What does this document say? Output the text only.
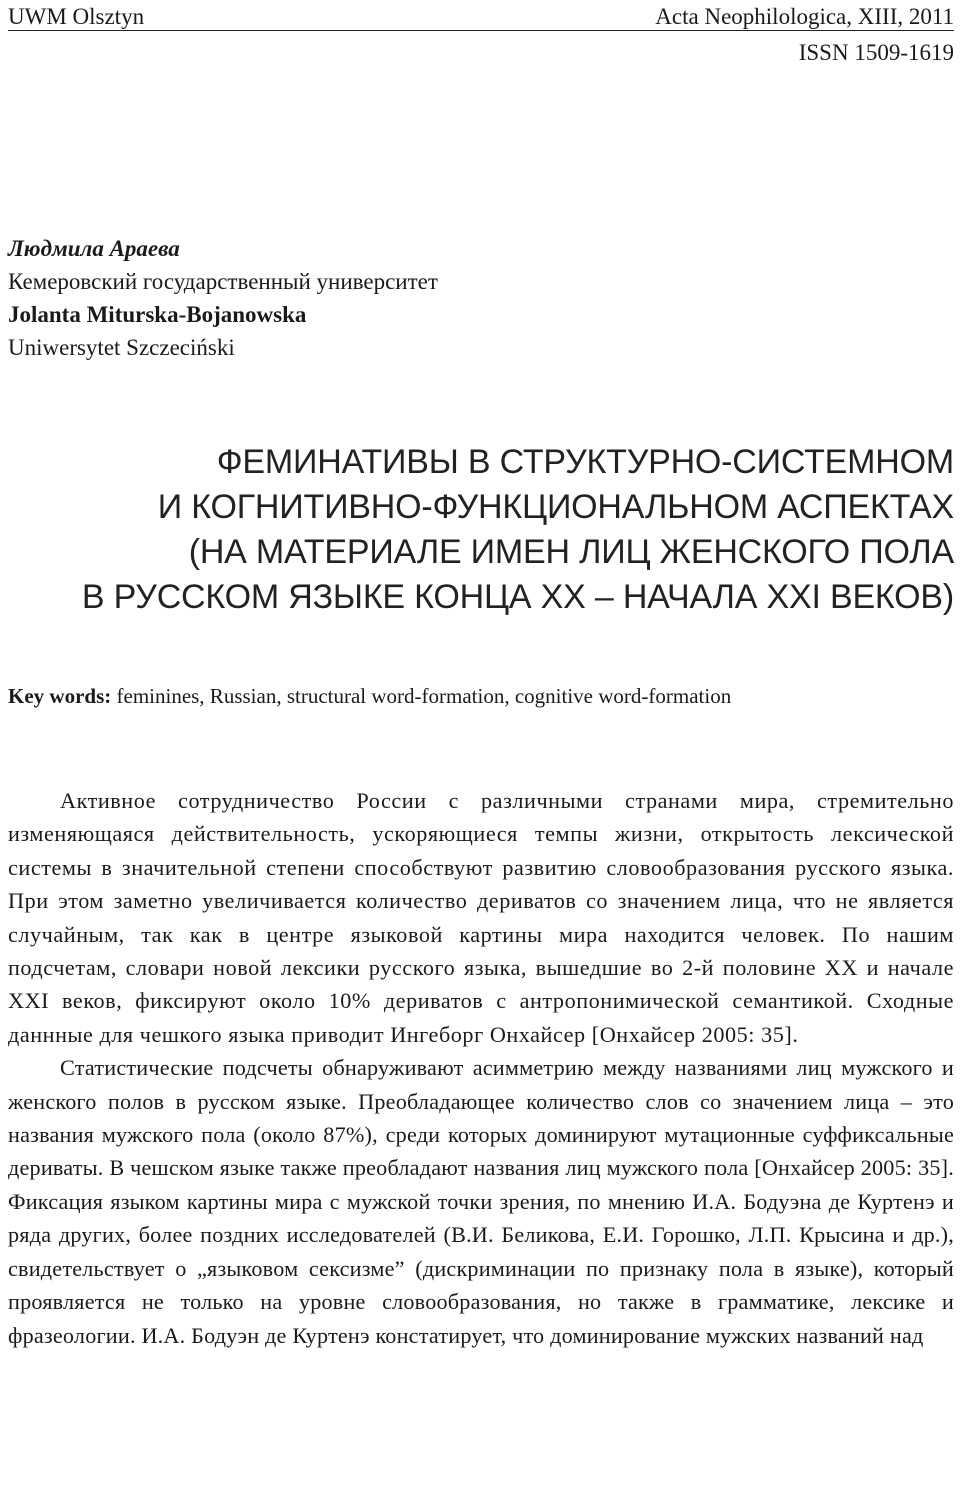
UWM Olsztyn	Acta Neophilologica, XIII, 2011
ISSN 1509-1619
Людмила Араева
Кемеровский государственный университет
Jolanta Miturska-Bojanowska
Uniwersytet Szczeciński
ФЕМИНАТИВЫ В СТРУКТУРНО-СИСТЕМНОМ
И КОГНИТИВНО-ФУНКЦИОНАЛЬНОМ АСПЕКТАХ
(НА МАТЕРИАЛЕ ИМЕН ЛИЦ ЖЕНСКОГО ПОЛА
В РУССКОМ ЯЗЫКЕ КОНЦА XX – НАЧАЛА XXI ВЕКОВ)
Key words: feminines, Russian, structural word-formation, cognitive word-formation

Активное сотрудничество России с различными странами мира, стремительно изменяющаяся действительность, ускоряющиеся темпы жизни, открытость лексической системы в значительной степени способствуют развитию словообразования русского языка. При этом заметно увеличивается количество дериватов со значением лица, что не является случайным, так как в центре языковой картины мира находится человек. По нашим подсчетам, словари новой лексики русского языка, вышедшие во 2-й половине XX и начале XXI веков, фиксируют около 10% дериватов с антропонимической семантикой. Сходные даннные для чешкого языка приводит Ингеборг Онхайсер [Онхайсер 2005: 35].

Статистические подсчеты обнаруживают асимметрию между названиями лиц мужского и женского полов в русском языке. Преобладающее количество слов со значением лица – это названия мужского пола (около 87%), среди которых доминируют мутационные суффиксальные дериваты. В чешском языке также преобладают названия лиц мужского пола [Онхайсер 2005: 35]. Фиксация языком картины мира с мужской точки зрения, по мнению И.А. Бодуэна де Куртенэ и ряда других, более поздних исследователей (В.И. Беликова, Е.И. Горошко, Л.П. Крысина и др.), свидетельствует о „языковом сексизме” (дискриминации по признаку пола в языке), который проявляется не только на уровне словообразования, но также в грамматике, лексике и фразеологии. И.А. Бодуэн де Куртенэ констатирует, что доминирование мужских названий над
